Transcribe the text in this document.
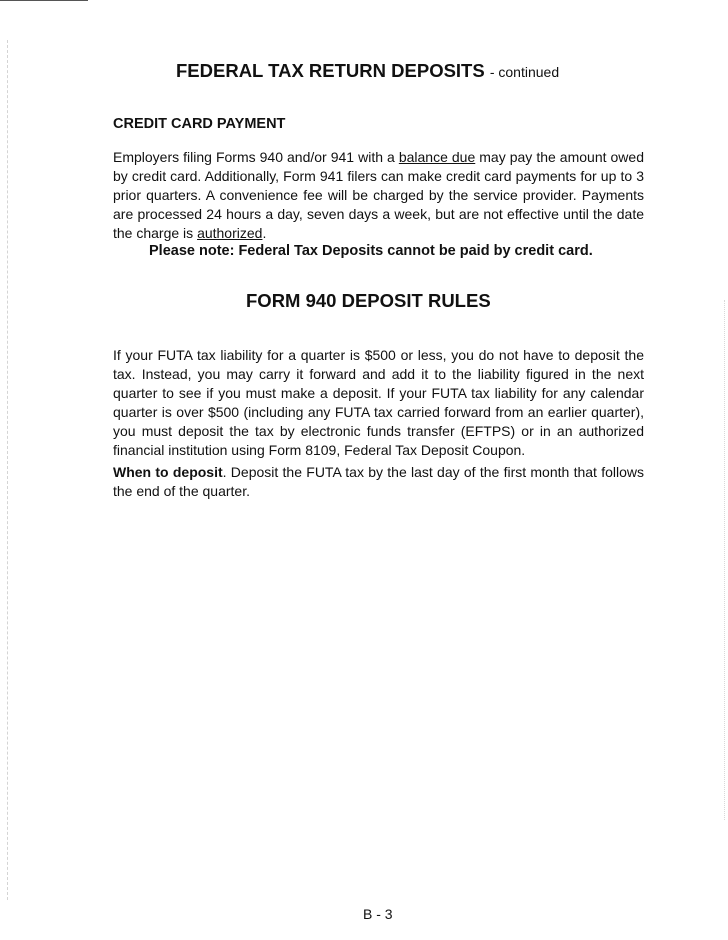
FEDERAL TAX RETURN DEPOSITS - continued
CREDIT CARD PAYMENT
Employers filing Forms 940 and/or 941 with a balance due may pay the amount owed
by credit card. Additionally, Form 941 filers can make credit card payments for up to 3
prior quarters. A convenience fee will be charged by the service provider. Payments
are processed 24 hours a day, seven days a week, but are not effective until the date
the charge is authorized.
Please note: Federal Tax Deposits cannot be paid by credit card.
FORM 940 DEPOSIT RULES
If your FUTA tax liability for a quarter is $500 or less, you do not have to deposit the
tax. Instead, you may carry it forward and add it to the liability figured in the next
quarter to see if you must make a deposit. If your FUTA tax liability for any calendar
quarter is over $500 (including any FUTA tax carried forward from an earlier quarter),
you must deposit the tax by electronic funds transfer (EFTPS) or in an authorized
financial institution using Form 8109, Federal Tax Deposit Coupon.
When to deposit. Deposit the FUTA tax by the last day of the first month that follows
the end of the quarter.
B - 3
